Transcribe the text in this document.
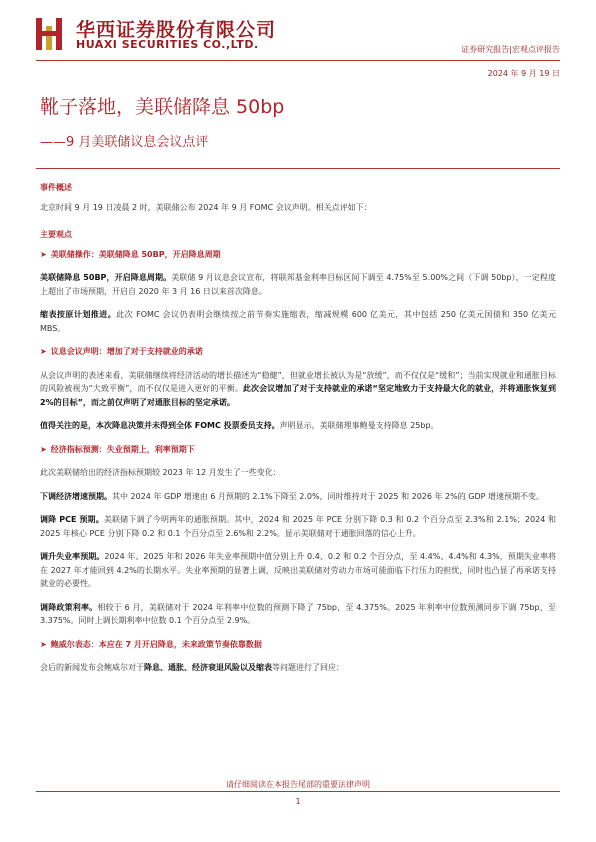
华西证券股份有限公司
HUAXI SECURITIES CO.,LTD.	证券研究报告|宏观点评报告
2024 年 9 月 19 日
靴子落地，美联储降息 50bp
——9 月美联储议息会议点评
事件概述
北京时间 9 月 19 日凌晨 2 时，美联储公布 2024 年 9 月 FOMC 会议声明。相关点评如下：
主要观点
➤ 美联储操作：美联储降息 50BP，开启降息周期
美联储降息 50BP，开启降息周期。美联储 9 月议息会议宣布，将联邦基金利率目标区间下调至 4.75%至 5.00%之间（下调 50bp），一定程度上超出了市场预期，开启自 2020 年 3 月 16 日以来首次降息。
缩表按原计划推进。此次 FOMC 会议仍表明会继续按之前节奏实施缩表，缩减规模 600 亿美元，其中包括 250 亿美元国债和 350 亿美元 MBS。
➤ 议息会议声明：增加了对于支持就业的承诺
从会议声明的表述来看，美联储继续将经济活动的增长描述为“稳健”，但就业增长被认为是“放缓”，而不仅仅是“缓和”；当前实现就业和通胀目标的风险被视为“大致平衡”，而不仅仅是进入更好的平衡。此次会议增加了对于支持就业的承诺“坚定地致力于支持最大化的就业，并将通胀恢复到 2%的目标”，而之前仅声明了对通胀目标的坚定承诺。
值得关注的是，本次降息决策并未得到全体 FOMC 投票委员支持。声明显示，美联储理事鲍曼支持降息 25bp。
➤ 经济指标预测：失业预期上，利率预期下
此次美联储给出的经济指标预期较 2023 年 12 月发生了一些变化：
下调经济增速预期。其中 2024 年 GDP 增速由 6 月预期的 2.1%下降至 2.0%，同时维持对于 2025 和 2026 年 2%的 GDP 增速预期不变。
调降 PCE 预期。美联储下调了今明两年的通胀预期。其中，2024 和 2025 年 PCE 分别下降 0.3 和 0.2 个百分点至 2.3%和 2.1%；2024 和 2025 年核心 PCE 分别下降 0.2 和 0.1 个百分点至 2.6%和 2.2%。显示美联储对于通胀回落的信心上升。
调升失业率预期。2024 年、2025 年和 2026 年失业率预期中值分别上升 0.4、0.2 和 0.2 个百分点，至 4.4%、4.4%和 4.3%，预期失业率将在 2027 年才能回到 4.2%的长期水平。失业率预期的显著上调，反映出美联储对劳动力市场可能面临下行压力的担忧，同时也凸显了再承诺支持就业的必要性。
调降政策利率。相较于 6 月，美联储对于 2024 年利率中位数的预测下降了 75bp，至 4.375%。2025 年利率中位数预测同步下调 75bp，至 3.375%。同时上调长期利率中位数 0.1 个百分点至 2.9%。
➤ 鲍威尔表态：本应在 7 月开启降息，未来政策节奏依靠数据
会后的新闻发布会鲍威尔对于降息、通胀、经济衰退风险以及缩表等问题进行了回应：
请仔细阅读在本报告尾部的重要法律声明
1
